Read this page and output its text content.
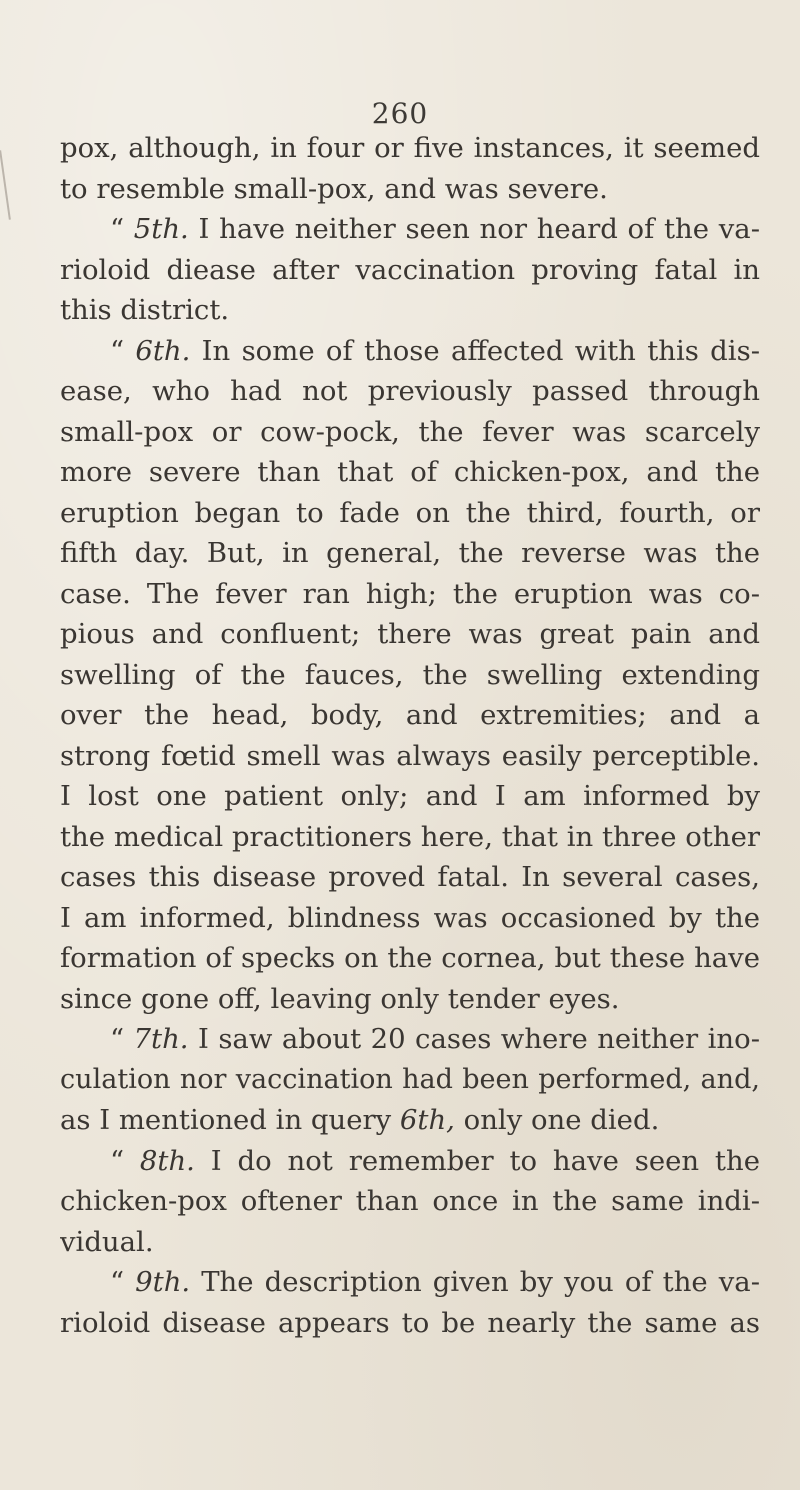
260
pox, although, in four or five instances, it seemed
to resemble small-pox, and was severe.
“ 5th. I have neither seen nor heard of the va-
rioloid diease after vaccination proving fatal in
this district.
“ 6th. In some of those affected with this dis-
ease, who had not previously passed through
small-pox or cow-pock, the fever was scarcely
more severe than that of chicken-pox, and the
eruption began to fade on the third, fourth, or
fifth day. But, in general, the reverse was the
case. The fever ran high; the eruption was co-
pious and confluent; there was great pain and
swelling of the fauces, the swelling extending
over the head, body, and extremities; and a
strong fœtid smell was always easily perceptible.
I lost one patient only; and I am informed by
the medical practitioners here, that in three other
cases this disease proved fatal. In several cases,
I am informed, blindness was occasioned by the
formation of specks on the cornea, but these have
since gone off, leaving only tender eyes.
“ 7th. I saw about 20 cases where neither ino-
culation nor vaccination had been performed, and,
as I mentioned in query 6th, only one died.
“ 8th. I do not remember to have seen the
chicken-pox oftener than once in the same indi-
vidual.
“ 9th. The description given by you of the va-
rioloid disease appears to be nearly the same as
